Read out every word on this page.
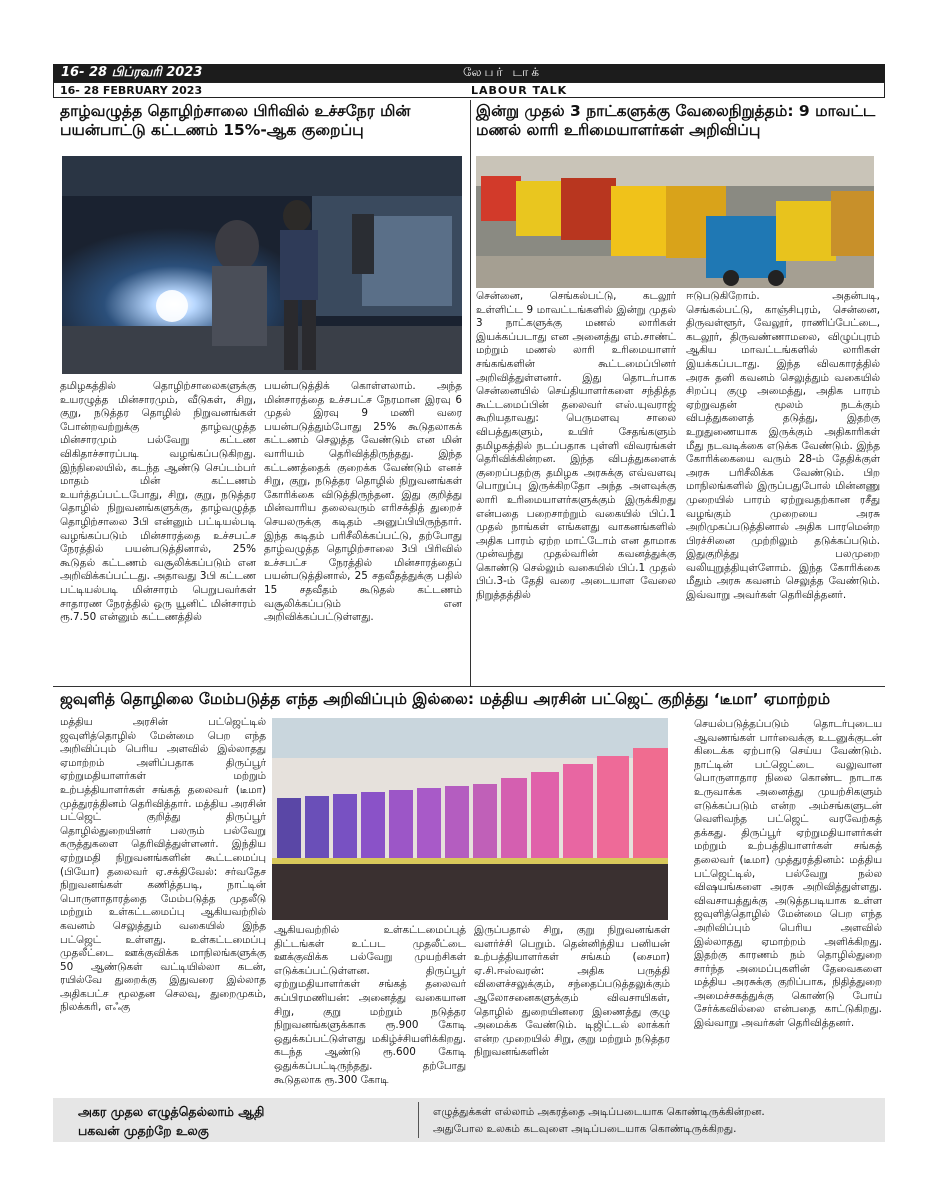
16- 28 பிப்ரவரி 2023	லேபர் டாக்
16- 28 FEBRUARY 2023	LABOUR TALK
தாழ்வழுத்த தொழிற்சாலை பிரிவில் உச்சநேர மின் பயன்பாட்டு கட்டணம் 15%-ஆக குறைப்பு
தமிழகத்தில் தொழிற்சாலைகளுக்கு உயரழுத்த மின்சாரமும், வீடுகள், சிறு, குறு, நடுத்தர தொழில் நிறுவனங்கள் போன்றவற்றுக்கு தாழ்வழுத்த மின்சாரமும் பல்வேறு கட்டண விகிதாச்சாரப்படி வழங்கப்படுகிறது. இந்நிலையில், கடந்த ஆண்டு செப்டம்பர் மாதம் மின் கட்டணம் உயர்த்தப்பட்டபோது, சிறு, குறு, நடுத்தர தொழில் நிறுவனங்களுக்கு, தாழ்வழுத்த தொழிற்சாலை 3பி என்னும் பட்டியல்படி வழங்கப்படும் மின்சாரத்தை உச்சபட்ச நேரத்தில் பயன்படுத்தினால், 25% கூடுதல் கட்டணம் வசூலிக்கப்படும் என அறிவிக்கப்பட்டது. அதாவது 3பி கட்டண பட்டியல்படி மின்சாரம் பெறுபவர்கள் சாதாரண நேரத்தில் ஒரு யூனிட் மின்சாரம் ரூ.7.50 என்னும் கட்டணத்தில்
பயன்படுத்திக் கொள்ளலாம். அந்த மின்சாரத்தை உச்சபட்ச நேரமான இரவு 6 முதல் இரவு 9 மணி வரை பயன்படுத்தும்போது 25% கூடுதலாகக் கட்டணம் செலுத்த வேண்டும் என மின் வாரியம் தெரிவித்திருந்தது. இந்த கட்டணத்தைக் குறைக்க வேண்டும் எனச் சிறு, குறு, நடுத்தர தொழில் நிறுவனங்கள் கோரிக்கை விடுத்திருந்தன. இது குறித்து மின்வாரிய தலைவரும் எரிசக்தித் துறைச் செயலருக்கு கடிதம் அனுப்பியிருந்தார். இந்த கடிதம் பரிசீலிக்கப்பட்டு, தற்போது தாழ்வழுத்த தொழிற்சாலை 3பி பிரிவில் உச்சபட்ச நேரத்தில் மின்சாரத்தைப் பயன்படுத்தினால், 25 சதவீதத்துக்கு பதில் 15 சதவீதம் கூடுதல் கட்டணம் வசூலிக்கப்படும் என அறிவிக்கப்பட்டுள்ளது.
இன்று முதல் 3 நாட்களுக்கு வேலைநிறுத்தம்: 9 மாவட்ட மணல் லாரி உரிமையாளர்கள் அறிவிப்பு
சென்னை, செங்கல்பட்டு, கடலூர் உள்ளிட்ட 9 மாவட்டங்களில் இன்று முதல் 3 நாட்களுக்கு மணல் லாரிகள் இயக்கப்படாது என அனைத்து எம்.சாண்ட் மற்றும் மணல் லாரி உரிமையாளர் சங்கங்களின் கூட்டமைப்பினர் அறிவித்துள்ளனர். இது தொடர்பாக சென்னையில் செய்தியாளர்களை சந்தித்த கூட்டமைப்பின் தலைவர் எஸ்.யுவராஜ் கூறியதாவது: பெருமளவு சாலை விபத்துகளும், உயிர் சேதங்களும் தமிழகத்தில் நடப்பதாக புள்ளி விவரங்கள் தெரிவிக்கின்றன. இந்த விபத்துகளைக் குறைப்பதற்கு தமிழக அரசுக்கு எவ்வளவு பொறுப்பு இருக்கிறதோ அந்த அளவுக்கு லாரி உரிமையாளர்களுக்கும் இருக்கிறது என்பதை பறைசாற்றும் வகையில் பிப்.1 முதல் நாங்கள் எங்களது வாகனங்களில் அதிக பாரம் ஏற்ற மாட்டோம் என தாமாக முன்வந்து முதல்வரின் கவனத்துக்கு கொண்டு செல்லும் வகையில் பிப்.1 முதல் பிப்.3-ம் தேதி வரை அடையாள வேலை நிறுத்தத்தில்
ஈடுபடுகிறோம். அதன்படி, செங்கல்பட்டு, காஞ்சிபுரம், சென்னை, திருவள்ளூர், வேலூர், ராணிப்பேட்டை, கடலூர், திருவண்ணாமலை, விழுப்புரம் ஆகிய மாவட்டங்களில் லாரிகள் இயக்கப்படாது. இந்த விவகாரத்தில் அரசு தனி கவனம் செலுத்தும் வகையில் சிறப்பு குழு அமைத்து, அதிக பாரம் ஏற்றுவதன் மூலம் நடக்கும் விபத்துகளைத் தடுத்து, இதற்கு உறுதுணையாக இருக்கும் அதிகாரிகள் மீது நடவடிக்கை எடுக்க வேண்டும். இந்த கோரிக்கையை வரும் 28-ம் தேதிக்குள் அரசு பரிசீலிக்க வேண்டும். பிற மாநிலங்களில் இருப்பதுபோல் மின்னணு முறையில் பாரம் ஏற்றுவதற்கான ரசீது வழங்கும் முறையை அரசு அறிமுகப்படுத்தினால் அதிக பாரமென்ற பிரச்சினை முற்றிலும் தடுக்கப்படும். இதுகுறித்து பலமுறை வலியுறுத்தியுள்ளோம். இந்த கோரிக்கை மீதும் அரசு கவனம் செலுத்த வேண்டும். இவ்வாறு அவர்கள் தெரிவித்தனர்.
ஜவுளித் தொழிலை மேம்படுத்த எந்த அறிவிப்பும் இல்லை: மத்திய அரசின் பட்ஜெட் குறித்து ‘டீமா’ ஏமாற்றம்
மத்திய அரசின் பட்ஜெட்டில் ஜவுளித்தொழில் மேன்மை பெற எந்த அறிவிப்பும் பெரிய அளவில் இல்லாதது ஏமாற்றம் அளிப்பதாக திருப்பூர் ஏற்றுமதியாளர்கள் மற்றும் உற்பத்தியாளர்கள் சங்கத் தலைவர் (டீமா) முத்துரத்தினம் தெரிவித்தார். மத்திய அரசின் பட்ஜெட் குறித்து திருப்பூர் தொழில்துறையினர் பலரும் பல்வேறு கருத்துகளை தெரிவித்துள்ளனர். இந்திய ஏற்றுமதி நிறுவனங்களின் கூட்டமைப்பு (பியோ) தலைவர் ஏ.சக்திவேல்: சர்வதேச நிறுவனங்கள் கணித்தபடி, நாட்டின் பொருளாதாரத்தை மேம்படுத்த முதலீடு மற்றும் உள்கட்டமைப்பு ஆகியவற்றில் கவனம் செலுத்தும் வகையில் இந்த பட்ஜெட் உள்ளது. உள்கட்டமைப்பு முதலீட்டை ஊக்குவிக்க மாநிலங்களுக்கு 50 ஆண்டுகள் வட்டியில்லா கடன், ரயில்வே துறைக்கு இதுவரை இல்லாத அதிகபட்ச மூலதன செலவு, துறைமுகம், நிலக்கரி, எஃகு
ஆகியவற்றில் உள்கட்டமைப்புத் திட்டங்கள் உட்பட முதலீட்டை ஊக்குவிக்க பல்வேறு முயற்சிகள் எடுக்கப்பட்டுள்ளன. திருப்பூர் ஏற்றுமதியாளர்கள் சங்கத் தலைவர் சுப்பிரமணியன்: அனைத்து வகையான சிறு, குறு மற்றும் நடுத்தர நிறுவனங்களுக்காக ரூ.900 கோடி ஒதுக்கப்பட்டுள்ளது மகிழ்ச்சியளிக்கிறது. கடந்த ஆண்டு ரூ.600 கோடி ஒதுக்கப்பட்டிருந்தது. தற்போது கூடுதலாக ரூ.300 கோடி
இருப்பதால் சிறு, குறு நிறுவனங்கள் வளர்ச்சி பெறும். தென்னிந்திய பனியன் உற்பத்தியாளர்கள் சங்கம் (சைமா) ஏ.சி.ஈஸ்வரன்: அதிக பருத்தி விளைச்சலுக்கும், சந்தைப்படுத்தலுக்கும் ஆலோசனைகளுக்கும் விவசாயிகள், தொழில் துறையினரை இணைத்து குழு அமைக்க வேண்டும். டிஜிட்டல் லாக்கர் என்ற முறையில் சிறு, குறு மற்றும் நடுத்தர நிறுவனங்களின்
செயல்படுத்தப்படும் தொடர்புடைய ஆவணங்கள் பார்வைக்கு உடனுக்குடன் கிடைக்க ஏற்பாடு செய்ய வேண்டும். நாட்டின் பட்ஜெட்டை வலுவான பொருளாதார நிலை கொண்ட நாடாக உருவாக்க அனைத்து முயற்சிகளும் எடுக்கப்படும் என்ற அம்சங்களுடன் வெளிவந்த பட்ஜெட் வரவேற்கத் தக்கது. திருப்பூர் ஏற்றுமதியாளர்கள் மற்றும் உற்பத்தியாளர்கள் சங்கத் தலைவர் (டீமா) முத்துரத்தினம்: மத்திய பட்ஜெட்டில், பல்வேறு நல்ல விஷயங்களை அரசு அறிவித்துள்ளது. விவசாயத்துக்கு அடுத்தபடியாக உள்ள ஜவுளித்தொழில் மேன்மை பெற எந்த அறிவிப்பும் பெரிய அளவில் இல்லாதது ஏமாற்றம் அளிக்கிறது. இதற்கு காரணம் நம் தொழில்துறை சார்ந்த அமைப்புகளின் தேவைகளை மத்திய அரசுக்கு குறிப்பாக, நிதித்துறை அமைச்சகத்துக்கு கொண்டு போய் சேர்க்கவில்லை என்பதை காட்டுகிறது. இவ்வாறு அவர்கள் தெரிவித்தனர்.
அகர முதல எழுத்தெல்லாம் ஆதி
பகவன் முதற்றே உலகு
எழுத்துக்கள் எல்லாம் அகரத்தை அடிப்படையாக கொண்டிருக்கின்றன.
அதுபோல உலகம் கடவுளை அடிப்படையாக கொண்டிருக்கிறது.
